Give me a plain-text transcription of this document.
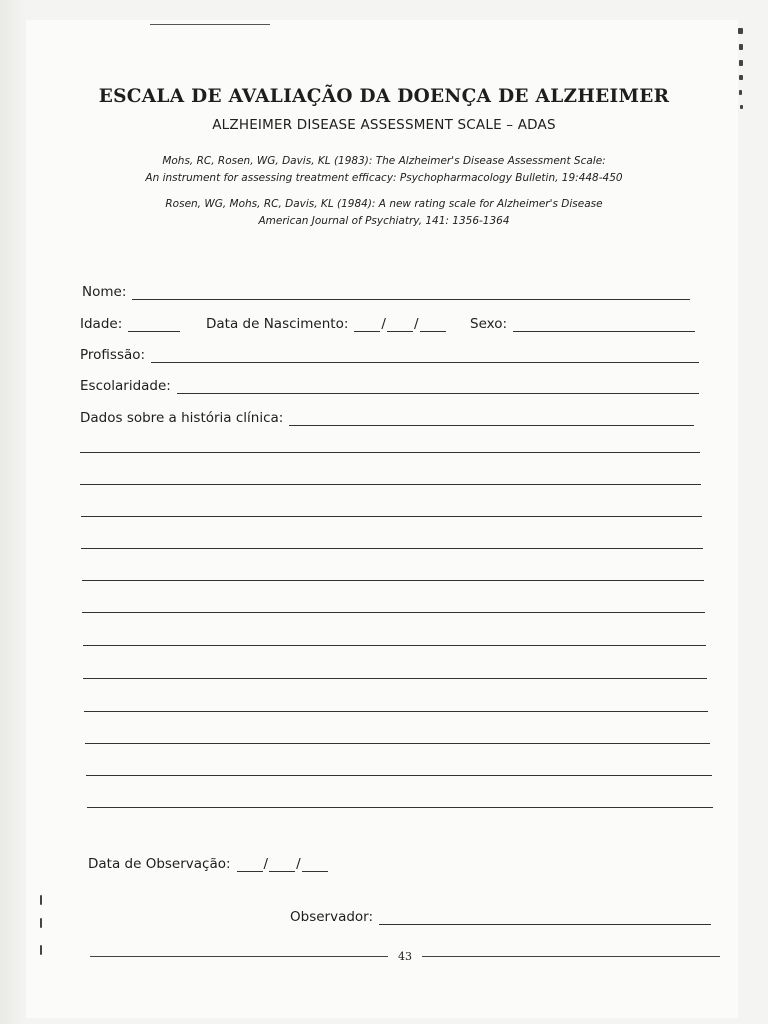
ESCALA DE AVALIAÇÃO DA DOENÇA DE ALZHEIMER
ALZHEIMER DISEASE ASSESSMENT SCALE – ADAS
Mohs, RC, Rosen, WG, Davis, KL (1983): The Alzheimer's Disease Assessment Scale:
An instrument for assessing treatment efficacy: Psychopharmacology Bulletin, 19:448-450
Rosen, WG, Mohs, RC, Davis, KL (1984): A new rating scale for Alzheimer's Disease
American Journal of Psychiatry, 141: 1356-1364
Nome:
Idade:	Data de Nascimento:	/ /	Sexo:
Profissão:
Escolaridade:
Dados sobre a história clínica:
Data de Observação:	/ /
Observador:
43
